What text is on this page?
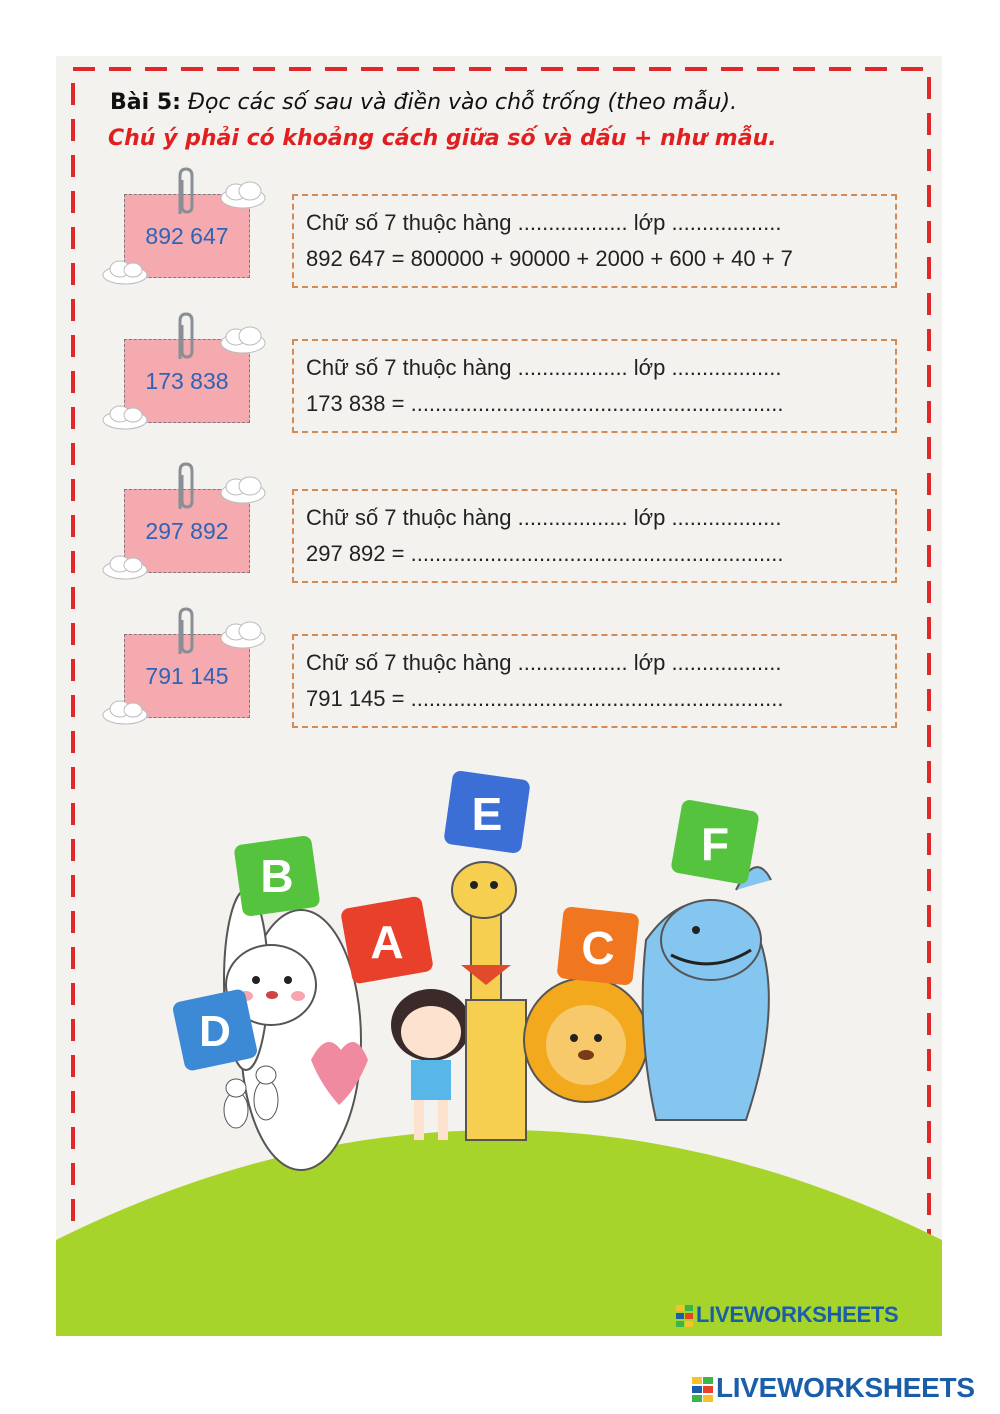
Bài 5: Đọc các số sau và điền vào chỗ trống (theo mẫu).
Chú ý phải có khoảng cách giữa số và dấu + như mẫu.
892 647	Chữ số 7 thuộc hàng .................. lớp ..................
892 647 = 800000 + 90000 + 2000 + 600 + 40 + 7
173 838	Chữ số 7 thuộc hàng .................. lớp ..................
173 838 = .............................................................
297 892	Chữ số 7 thuộc hàng .................. lớp ..................
297 892 = .............................................................
791 145	Chữ số 7 thuộc hàng .................. lớp ..................
791 145 = .............................................................
B
E
F
A	C
D
LIVEWORKSHEETS
LIVEWORKSHEETS
